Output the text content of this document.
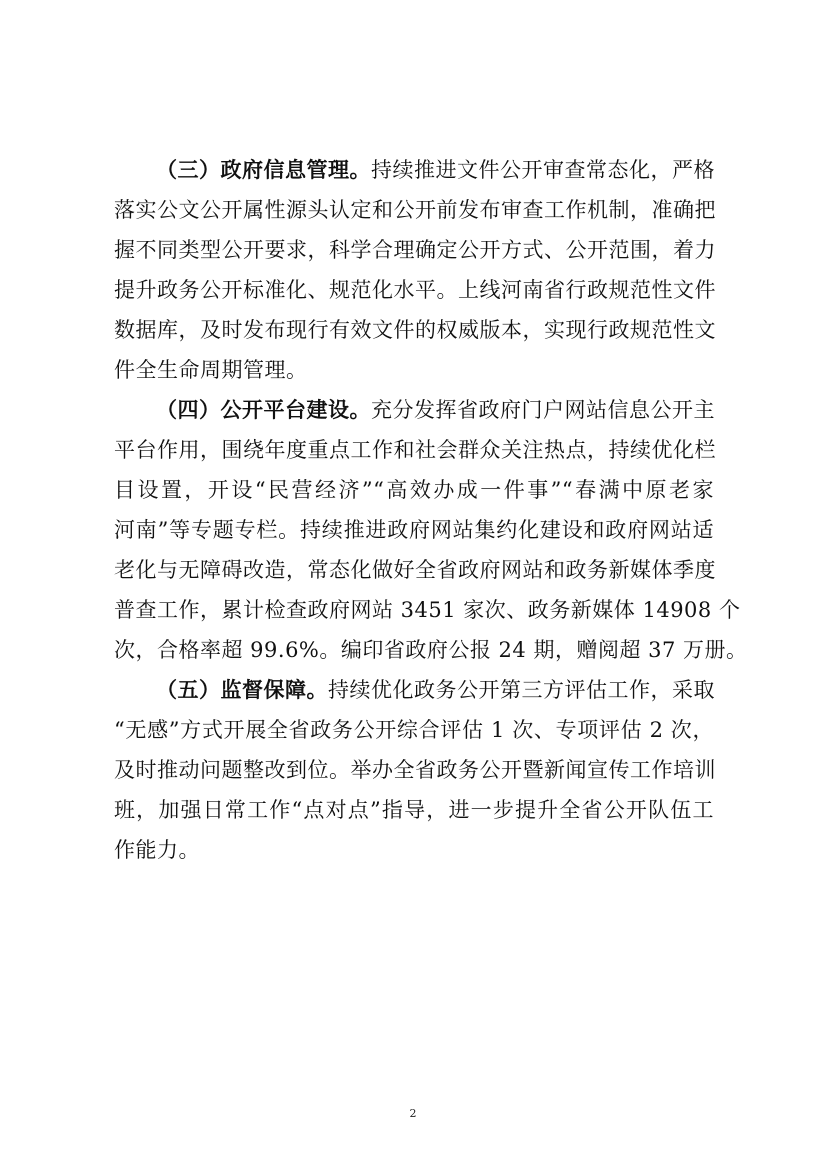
（三）政府信息管理。持续推进文件公开审查常态化，严格
落实公文公开属性源头认定和公开前发布审查工作机制，准确把
握不同类型公开要求，科学合理确定公开方式、公开范围，着力
提升政务公开标准化、规范化水平。上线河南省行政规范性文件
数据库，及时发布现行有效文件的权威版本，实现行政规范性文
件全生命周期管理。
（四）公开平台建设。充分发挥省政府门户网站信息公开主
平台作用，围绕年度重点工作和社会群众关注热点，持续优化栏
目设置，开设“民营经济”“高效办成一件事”“春满中原老家
河南”等专题专栏。持续推进政府网站集约化建设和政府网站适
老化与无障碍改造，常态化做好全省政府网站和政务新媒体季度
普查工作，累计检查政府网站 3451 家次、政务新媒体 14908 个
次，合格率超 99.6%。编印省政府公报 24 期，赠阅超 37 万册。
（五）监督保障。持续优化政务公开第三方评估工作，采取
“无感”方式开展全省政务公开综合评估 1 次、专项评估 2 次，
及时推动问题整改到位。举办全省政务公开暨新闻宣传工作培训
班，加强日常工作“点对点”指导，进一步提升全省公开队伍工
作能力。
2
